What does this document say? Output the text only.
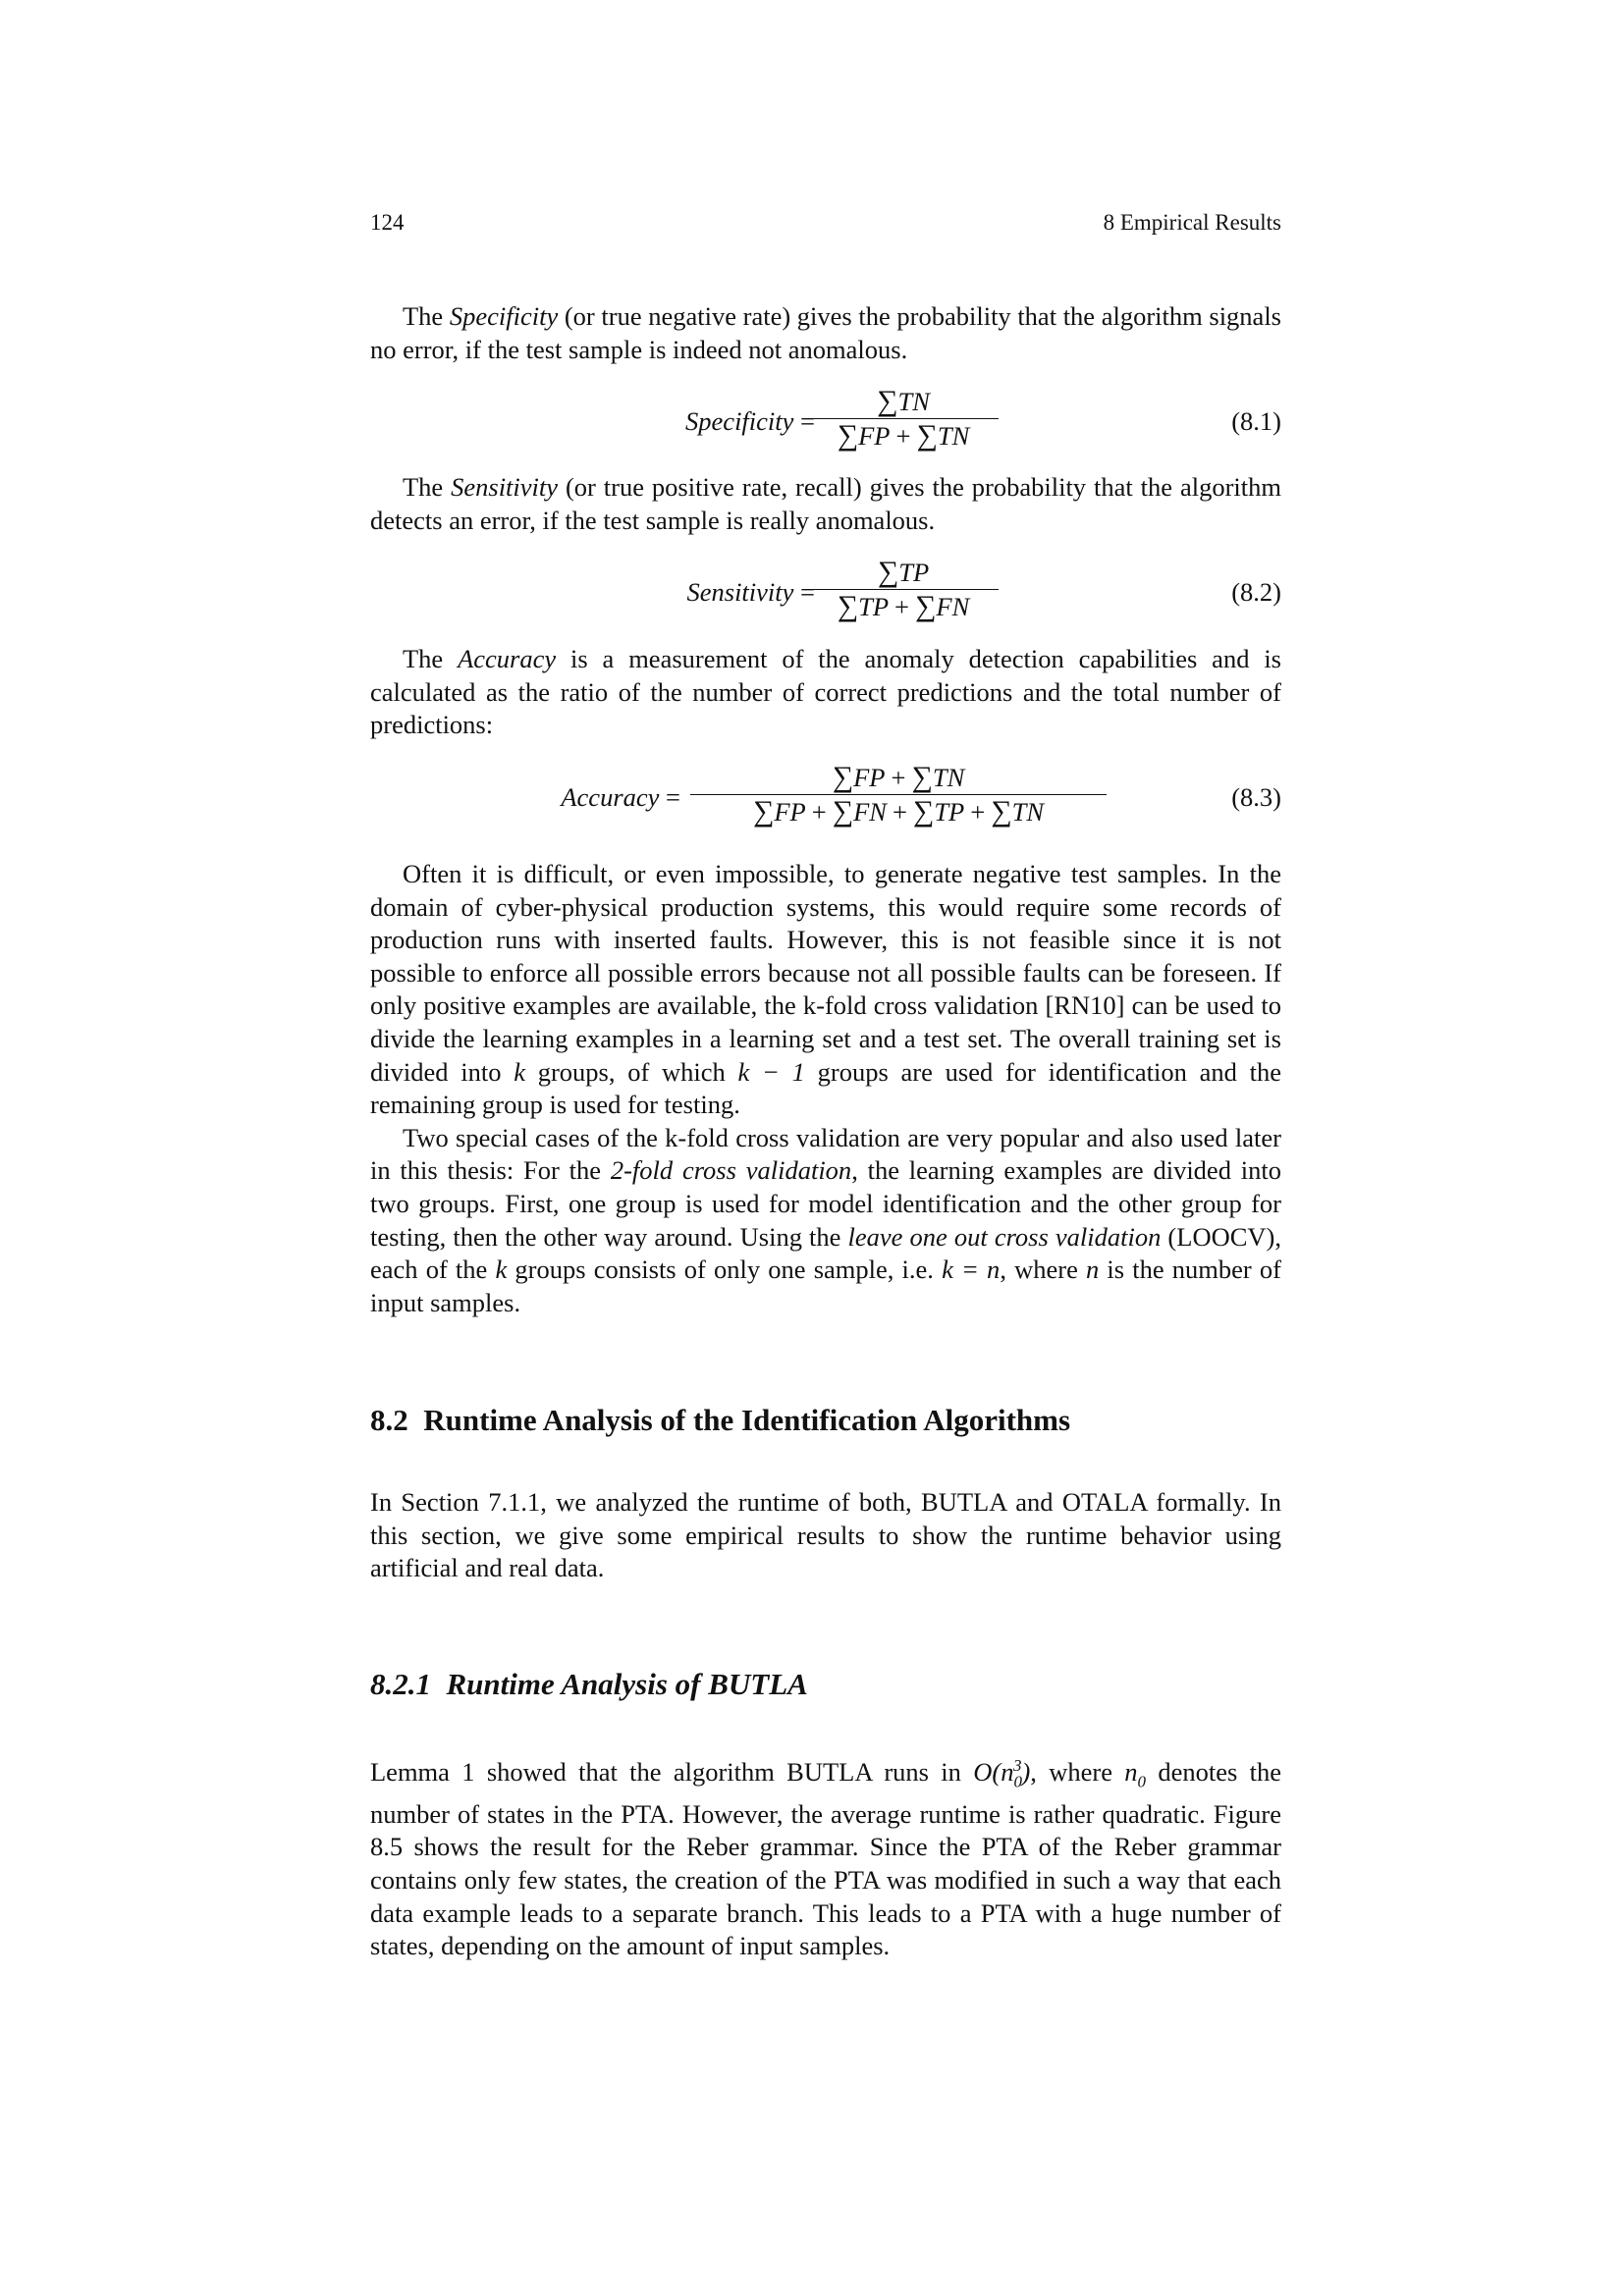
124	8 Empirical Results

The Specificity (or true negative rate) gives the probability that the algorithm signals no error, if the test sample is indeed not anomalous.

Specificity =
∑TN
∑FP + ∑TN	(8.1)

The Sensitivity (or true positive rate, recall) gives the probability that the algorithm detects an error, if the test sample is really anomalous.

Sensitivity =
∑TP
∑TP + ∑FN	(8.2)

The Accuracy is a measurement of the anomaly detection capabilities and is calculated as the ratio of the number of correct predictions and the total number of predictions:

Accuracy =
∑FP + ∑TN
∑FP + ∑FN + ∑TP + ∑TN	(8.3)

Often it is difficult, or even impossible, to generate negative test samples. In the domain of cyber-physical production systems, this would require some records of production runs with inserted faults. However, this is not feasible since it is not possible to enforce all possible errors because not all possible faults can be foreseen. If only positive examples are available, the k-fold cross validation [RN10] can be used to divide the learning examples in a learning set and a test set. The overall training set is divided into k groups, of which k − 1 groups are used for identification and the remaining group is used for testing.

Two special cases of the k-fold cross validation are very popular and also used later in this thesis: For the 2-fold cross validation, the learning examples are divided into two groups. First, one group is used for model identification and the other group for testing, then the other way around. Using the leave one out cross validation (LOOCV), each of the k groups consists of only one sample, i.e. k = n, where n is the number of input samples.

8.2 Runtime Analysis of the Identification Algorithms

In Section 7.1.1, we analyzed the runtime of both, BUTLA and OTALA formally. In this section, we give some empirical results to show the runtime behavior using artificial and real data.

8.2.1 Runtime Analysis of BUTLA

Lemma 1 showed that the algorithm BUTLA runs in $O(n_0^3)$, where $n_0$ denotes the number of states in the PTA. However, the average runtime is rather quadratic. Figure 8.5 shows the result for the Reber grammar. Since the PTA of the Reber grammar contains only few states, the creation of the PTA was modified in such a way that each data example leads to a separate branch. This leads to a PTA with a huge number of states, depending on the amount of input samples.
